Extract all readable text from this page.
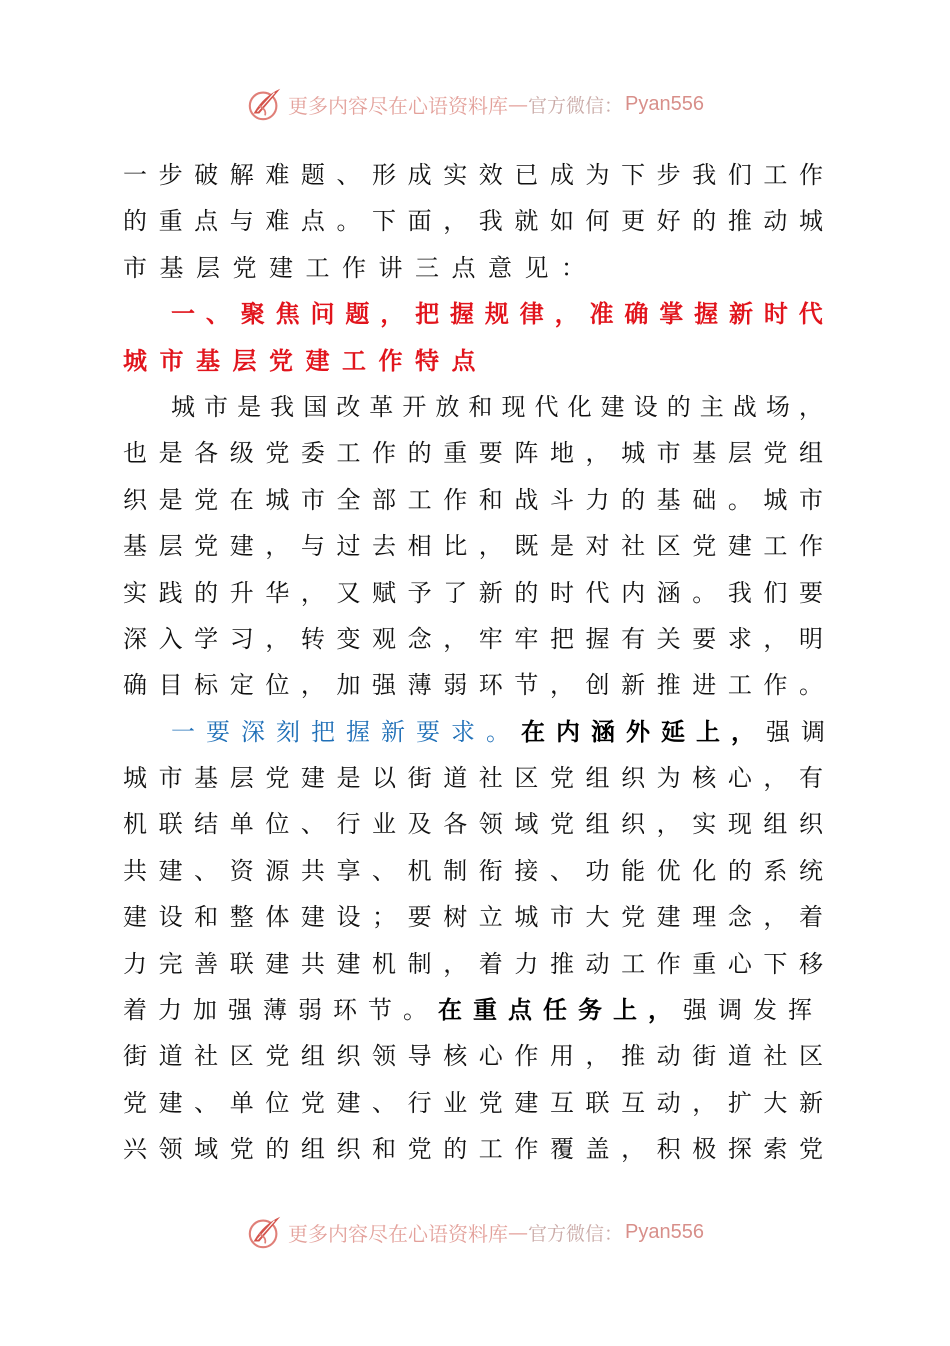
更多内容尽在心语资料库 — 官方微信： Pyan556
一 步 破 解 难 题 、 形 成 实 效 已 成 为 下 步 我 们 工 作
的 重 点 与 难 点 。 下 面 ， 我 就 如 何 更 好 的 推 动 城
市基层党建工作讲三点意见：
一 、 聚 焦 问 题 ， 把 握 规 律 ， 准 确 掌 握 新 时 代
城市基层党建工作特点
城 市 是 我 国 改 革 开 放 和 现 代 化 建 设 的 主 战 场 ，
也 是 各 级 党 委 工 作 的 重 要 阵 地 ， 城 市 基 层 党 组
织 是 党 在 城 市 全 部 工 作 和 战 斗 力 的 基 础 。 城 市
基 层 党 建 ， 与 过 去 相 比 ， 既 是 对 社 区 党 建 工 作
实 践 的 升 华 ， 又 赋 予 了 新 的 时 代 内 涵 。 我 们 要
深 入 学 习 ， 转 变 观 念 ， 牢 牢 把 握 有 关 要 求 ， 明
确 目 标 定 位 ， 加 强 薄 弱 环 节 ， 创 新 推 进 工 作 。
一要深刻把握新要求。 在内涵外延上， 强调
城 市 基 层 党 建 是 以 街 道 社 区 党 组 织 为 核 心 ， 有
机 联 结 单 位 、 行 业 及 各 领 域 党 组 织 ， 实 现 组 织
共 建 、 资 源 共 享 、 机 制 衔 接 、 功 能 优 化 的 系 统
建 设 和 整 体 建 设 ； 要 树 立 城 市 大 党 建 理 念 ， 着
力 完 善 联 建 共 建 机 制 ， 着 力 推 动 工 作 重 心 下 移
着力加强薄弱环节。 在重点任务上， 强调发挥
街 道 社 区 党 组 织 领 导 核 心 作 用 ， 推 动 街 道 社 区
党 建 、 单 位 党 建 、 行 业 党 建 互 联 互 动 ， 扩 大 新
兴 领 域 党 的 组 织 和 党 的 工 作 覆 盖 ， 积 极 探 索 党
更多内容尽在心语资料库 — 官方微信： Pyan556
